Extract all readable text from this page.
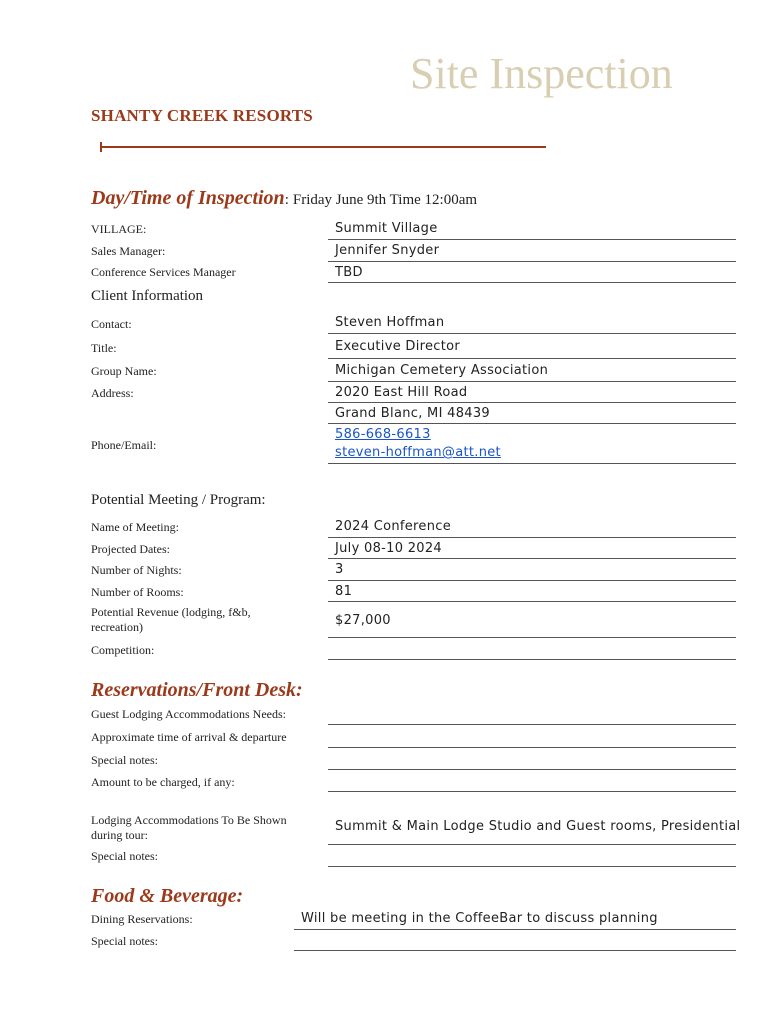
Site Inspection
SHANTY CREEK RESORTS
Day/Time of Inspection: Friday June 9th Time 12:00am
VILLAGE:	Summit Village
Sales Manager:	Jennifer Snyder
Conference Services Manager	TBD
Client Information
Contact:	Steven Hoffman
Title:	Executive Director
Group Name:	Michigan Cemetery Association
Address:	2020 East Hill Road
Grand Blanc, MI 48439
Phone/Email:
586-668-6613
steven-hoffman@att.net
Potential Meeting / Program:
Name of Meeting:	2024 Conference
Projected Dates:	July 08-10 2024
Number of Nights:	3
Number of Rooms:	81
Potential Revenue (lodging, f&b, recreation)	$27,000
Competition:
Reservations/Front Desk:
Guest Lodging Accommodations Needs:
Approximate time of arrival & departure
Special notes:
Amount to be charged, if any:
Lodging Accommodations To Be Shown during tour:
Summit & Main Lodge Studio and Guest rooms, Presidential
Special notes:
Food & Beverage:
Dining Reservations:	Will be meeting in the CoffeeBar to discuss planning
Special notes:
